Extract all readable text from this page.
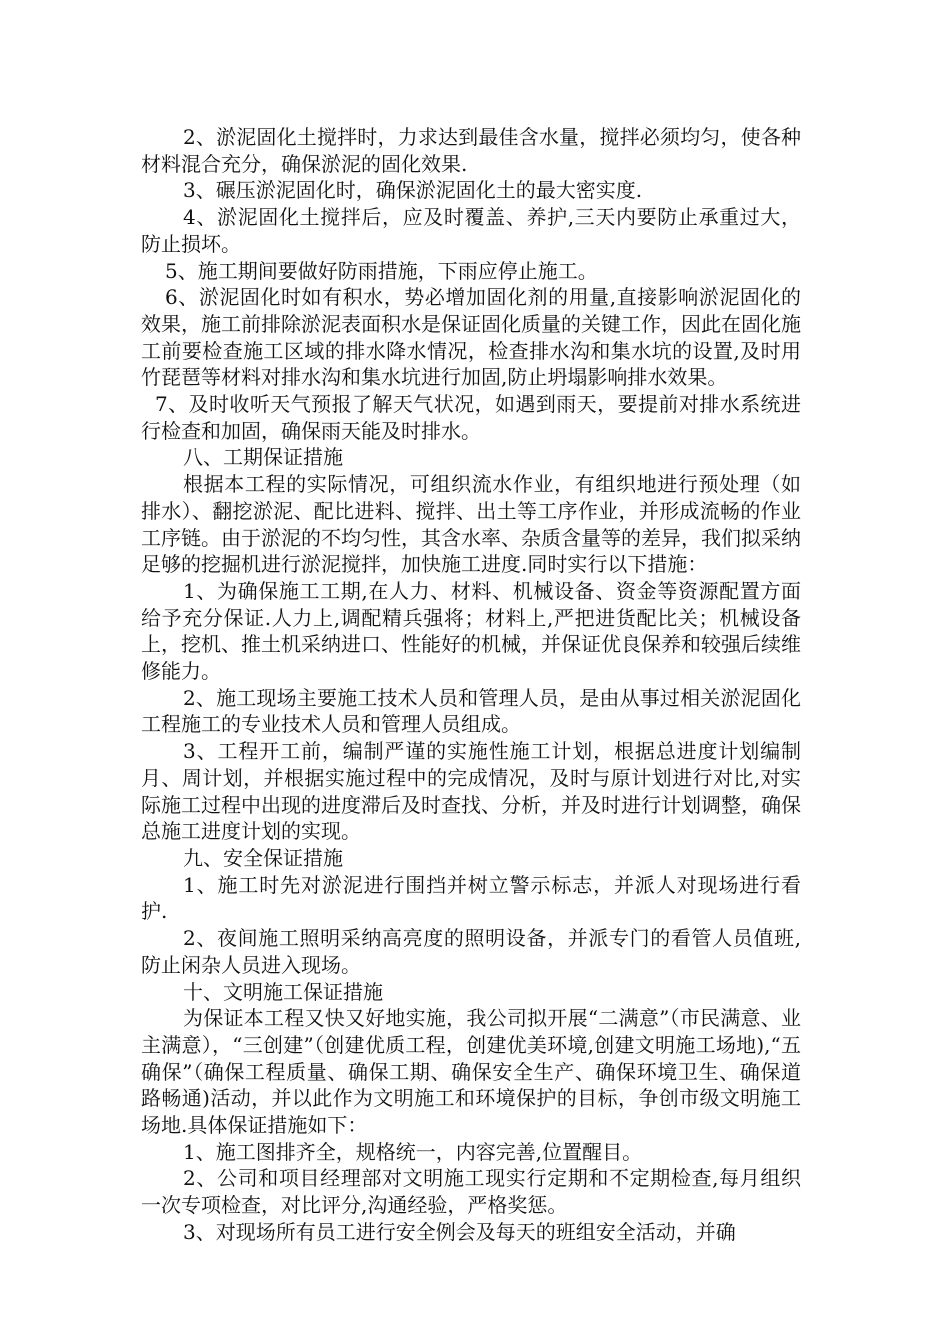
2、淤泥固化土搅拌时，力求达到最佳含水量，搅拌必须均匀，使各种材料混合充分，确保淤泥的固化效果.

3、碾压淤泥固化时，确保淤泥固化土的最大密实度.

4、淤泥固化土搅拌后，应及时覆盖、养护,三天内要防止承重过大，防止损坏。

5、施工期间要做好防雨措施，下雨应停止施工。

6、淤泥固化时如有积水，势必增加固化剂的用量,直接影响淤泥固化的效果，施工前排除淤泥表面积水是保证固化质量的关键工作，因此在固化施工前要检查施工区域的排水降水情况，检查排水沟和集水坑的设置,及时用竹琵琶等材料对排水沟和集水坑进行加固,防止坍塌影响排水效果。

7、及时收听天气预报了解天气状况，如遇到雨天，要提前对排水系统进行检查和加固，确保雨天能及时排水。

八、工期保证措施

根据本工程的实际情况，可组织流水作业，有组织地进行预处理（如排水）、翻挖淤泥、配比进料、搅拌、出土等工序作业，并形成流畅的作业工序链。由于淤泥的不均匀性，其含水率、杂质含量等的差异，我们拟采纳足够的挖掘机进行淤泥搅拌，加快施工进度.同时实行以下措施：

1、为确保施工工期,在人力、材料、机械设备、资金等资源配置方面给予充分保证.人力上,调配精兵强将；材料上,严把进货配比关；机械设备上，挖机、推土机采纳进口、性能好的机械，并保证优良保养和较强后续维修能力。

2、施工现场主要施工技术人员和管理人员，是由从事过相关淤泥固化工程施工的专业技术人员和管理人员组成。

3、工程开工前，编制严谨的实施性施工计划，根据总进度计划编制月、周计划，并根据实施过程中的完成情况，及时与原计划进行对比,对实际施工过程中出现的进度滞后及时查找、分析，并及时进行计划调整，确保总施工进度计划的实现。

九、安全保证措施

1、施工时先对淤泥进行围挡并树立警示标志，并派人对现场进行看护.

2、夜间施工照明采纳高亮度的照明设备，并派专门的看管人员值班,防止闲杂人员进入现场。

十、文明施工保证措施

为保证本工程又快又好地实施，我公司拟开展“二满意”（市民满意、业主满意），“三创建”（创建优质工程，创建优美环境,创建文明施工场地),“五确保”（确保工程质量、确保工期、确保安全生产、确保环境卫生、确保道路畅通)活动，并以此作为文明施工和环境保护的目标，争创市级文明施工场地.具体保证措施如下：

1、施工图排齐全，规格统一，内容完善,位置醒目。

2、公司和项目经理部对文明施工现实行定期和不定期检查,每月组织一次专项检查，对比评分,沟通经验，严格奖惩。

3、对现场所有员工进行安全例会及每天的班组安全活动，并确
